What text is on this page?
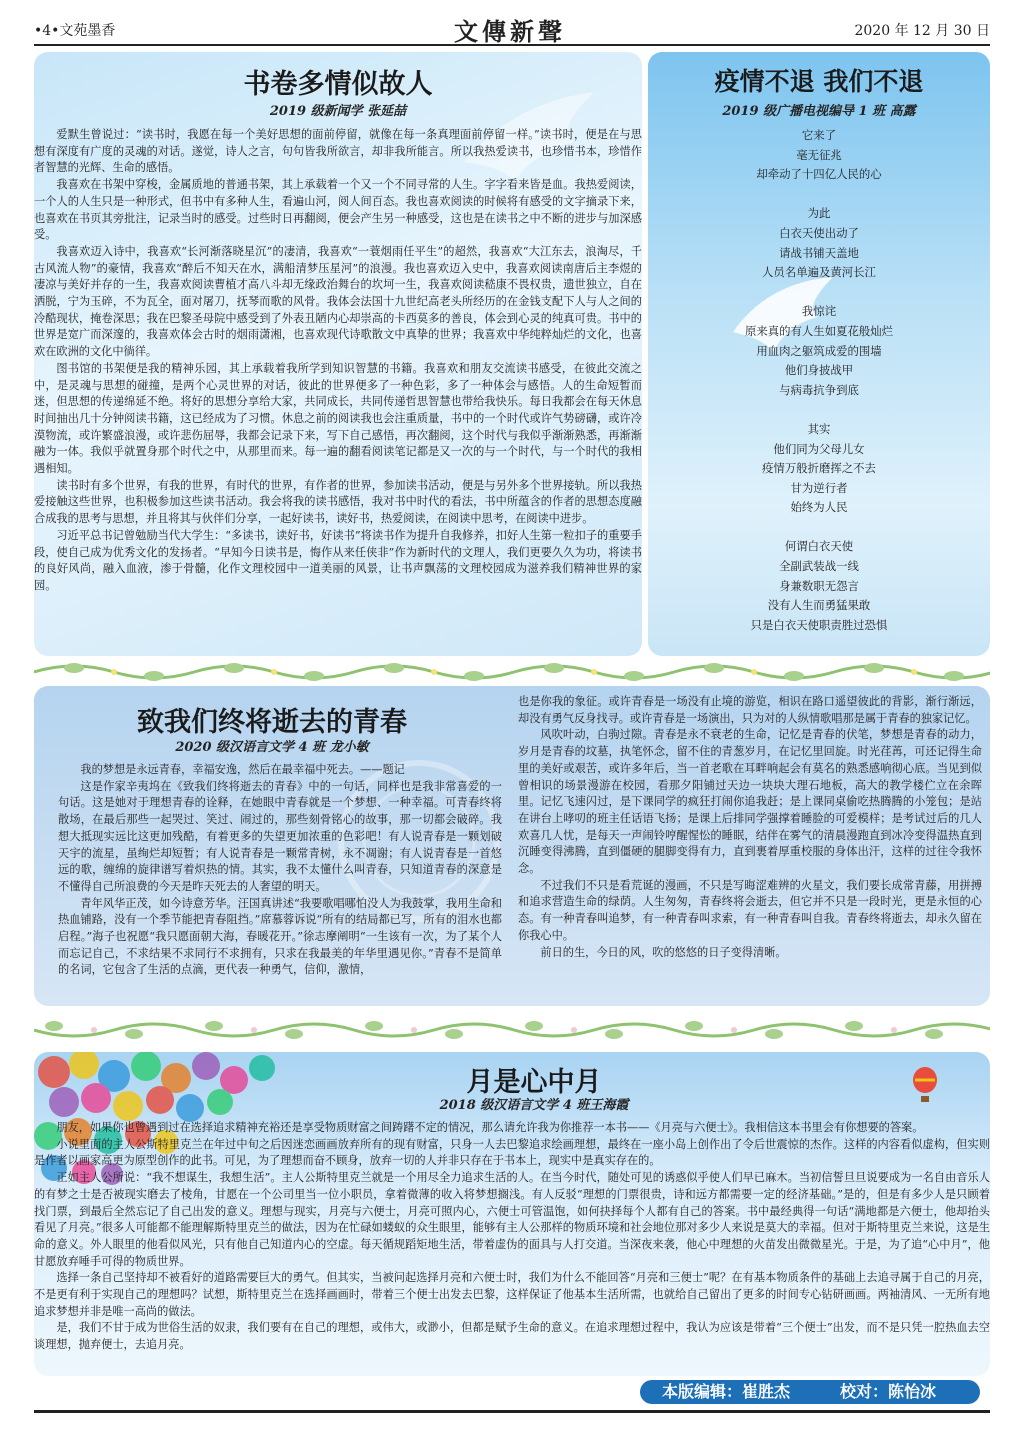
•4•文苑墨香	文傳新聲	2020 年 12 月 30 日
书卷多情似故人
2019 级新闻学 张延喆

爱默生曾说过：“读书时，我愿在每一个美好思想的面前停留，就像在每一条真理面前停留一样。”读书时，便是在与思想有深度有广度的灵魂的对话。遂觉，诗人之言，句句皆我所欲言，却非我所能言。所以我热爱读书，也珍惜书本，珍惜作者智慧的光辉、生命的感悟。

我喜欢在书架中穿梭，金属质地的普通书架，其上承载着一个又一个不同寻常的人生。字字看来皆是血。我热爱阅读，一个人的人生只是一种形式，但书中有多种人生，看遍山河，阅人间百态。我也喜欢阅读的时候将有感受的文字摘录下来，也喜欢在书页其旁批注，记录当时的感受。过些时日再翻阅，便会产生另一种感受，这也是在读书之中不断的进步与加深感受。

我喜欢迈入诗中，我喜欢“长河渐落晓星沉”的凄清，我喜欢“一蓑烟雨任平生”的超然，我喜欢“大江东去，浪淘尽，千古风流人物”的豪情，我喜欢“醉后不知天在水，满船清梦压星河”的浪漫。我也喜欢迈入史中，我喜欢阅读南唐后主李煜的凄凉与美好并存的一生，我喜欢阅读曹植才高八斗却无缘政治舞台的坎坷一生，我喜欢阅读嵇康不畏权贵，遗世独立，自在洒脱，宁为玉碎，不为瓦全，面对屠刀，抚琴而歌的风骨。我体会法国十九世纪高老头所经历的在金钱支配下人与人之间的冷酷现状，掩卷深思；我在巴黎圣母院中感受到了外表丑陋内心却崇高的卡西莫多的善良，体会到心灵的纯真可贵。书中的世界是宽广而深邃的，我喜欢体会古时的烟雨潇湘，也喜欢现代诗歌散文中真挚的世界；我喜欢中华纯粹灿烂的文化，也喜欢在欧洲的文化中徜徉。

图书馆的书架便是我的精神乐园，其上承载着我所学到知识智慧的书籍。我喜欢和朋友交流读书感受，在彼此交流之中，是灵魂与思想的碰撞，是两个心灵世界的对话，彼此的世界便多了一种色彩，多了一种体会与感悟。人的生命短暂而迷，但思想的传递绵延不绝。将好的思想分享给大家，共同成长，共同传递哲思智慧也带给我快乐。每日我都会在每天休息时间抽出几十分钟阅读书籍，这已经成为了习惯。休息之前的阅读我也会注重质量，书中的一个时代或许气势磅礴，或许冷漠物流，或许繁盛浪漫，或许悲伤屈辱，我都会记录下来，写下自己感悟，再次翻阅，这个时代与我似乎渐渐熟悉，再渐渐融为一体。我似乎就置身那个时代之中，从那里而来。每一遍的翻看阅读笔记都是又一次的与一个时代，与一个时代的我相遇相知。

读书时有多个世界，有我的世界，有时代的世界，有作者的世界，参加读书活动，便是与另外多个世界接轨。所以我热爱接触这些世界，也积极参加这些读书活动。我会将我的读书感悟，我对书中时代的看法，书中所蕴含的作者的思想态度融合成我的思考与思想，并且将其与伙伴们分享，一起好读书，读好书，热爱阅读，在阅读中思考，在阅读中进步。

习近平总书记曾勉励当代大学生：“多读书，读好书，好读书”将读书作为提升自我修养，扣好人生第一粒扣子的重要手段，使自己成为优秀文化的发扬者。“早知今日读书是，悔作从来任侠非”作为新时代的文理人，我们更要久久为功，将读书的良好风尚，融入血液，渗于骨髓，化作文理校园中一道美丽的风景，让书声飘荡的文理校园成为滋养我们精神世界的家园。

疫情不退 我们不退
2019 级广播电视编导 1 班 高露
它来了
毫无征兆
却牵动了十四亿人民的心
为此
白衣天使出动了
请战书铺天盖地
人员名单遍及黄河长江
我惊诧
原来真的有人生如夏花般灿烂
用血肉之躯筑成爱的围墙
他们身披战甲
与病毒抗争到底
其实
他们同为父母儿女
疫情万般折磨挥之不去
甘为逆行者
始终为人民
何谓白衣天使
全副武装战一线
身兼数职无怨言
没有人生而勇猛果敢
只是白衣天使职责胜过恐惧
致我们终将逝去的青春
2020 级汉语言文学 4 班 龙小敏

我的梦想是永远青春，幸福安逸，然后在最幸福中死去。——题记

这是作家辛夷坞在《致我们终将逝去的青春》中的一句话，同样也是我非常喜爱的一句话。这是她对于理想青春的诠释，在她眼中青春就是一个梦想、一种幸福。可青春终将散场，在最后那些一起哭过、笑过、闹过的，那些刻骨铭心的故事，那一切都会破碎。我想大抵现实远比这更加残酷，有着更多的失望更加浓重的色彩吧！有人说青春是一颗划破天宇的流星，虽绚烂却短暂；有人说青春是一颗常青树，永不凋谢；有人说青春是一首悠远的歌，缠绵的旋律谱写着炽热的情。其实，我不太懂什么叫青春，只知道青春的深意是不懂得自己所浪费的今天是昨天死去的人奢望的明天。

青年风华正茂，如今诗意芳华。汪国真讲述“我要歌唱哪怕没人为我鼓掌，我用生命和热血铺路，没有一个季节能把青春阻挡。”席慕蓉诉说“所有的结局都已写，所有的泪水也都启程。”海子也祝愿“我只愿面朝大海，春暖花开。”徐志摩阐明“一生该有一次，为了某个人而忘记自己，不求结果不求同行不求拥有，只求在我最美的年华里遇见你。”青春不是简单的名词，它包含了生活的点滴，更代表一种勇气，信仰，激情，

也是你我的象征。或许青春是一场没有止境的游览，相识在路口遥望彼此的背影，渐行渐远，却没有勇气反身找寻。或许青春是一场演出，只为对的人纵情歌唱那是属于青春的独家记忆。

风吹叶动，白驹过隙。青春是永不衰老的生命，记忆是青春的伏笔，梦想是青春的动力，岁月是青春的坟墓，执笔怀念，留不住的青葱岁月，在记忆里回旋。时光荏苒，可还记得生命里的美好或艰苦，或许多年后，当一首老歌在耳畔响起会有莫名的熟悉感响彻心底。当见到似曾相识的场景漫游在校园，看那夕阳铺过天边一块块大理石地板，高大的教学楼伫立在余晖里。记忆飞速闪过，是下课同学的疯狂打闹你追我赶；是上课同桌偷吃热腾腾的小笼包；是站在讲台上哮叨的班主任话语飞扬；是课上后排同学强撑着睡脸的可爱模样；是考试过后的几人欢喜几人忧，是每天一声闹铃哼醒惺忪的睡眠，结伴在雾气的清晨漫跑直到冰冷变得温热直到沉睡变得沸腾，直到僵硬的腿脚变得有力，直到裹着厚重校服的身体出汗，这样的过往令我怀念。

不过我们不只是看荒诞的漫画，不只是写晦涩难辨的火星文，我们要长成常青藤，用拼搏和追求营造生命的绿荫。人生匆匆，青春终将会逝去，但它并不只是一段时光，更是永恒的心态。有一种青春叫追梦，有一种青春叫求索，有一种青春叫自我。青春终将逝去，却永久留在你我心中。

前日的生，今日的风，吹的悠悠的日子变得清晰。

月是心中月
2018 级汉语言文学 4 班王海霞

朋友，如果你也曾遇到过在选择追求精神充裕还是享受物质财富之间踌躇不定的情况，那么请允许我为你推荐一本书——《月亮与六便士》。我相信这本书里会有你想要的答案。

小说里面的主人公斯特里克兰在年过中旬之后因迷恋画画放弃所有的现有财富，只身一人去巴黎追求绘画理想，最终在一座小岛上创作出了令后世震惊的杰作。这样的内容看似虚构，但实则是作者以画家高更为原型创作的此书。可见，为了理想而奋不顾身，放弃一切的人并非只存在于书本上，现实中是真实存在的。

正如主人公所说：“我不想谋生，我想生活”。主人公斯特里克兰就是一个用尽全力追求生活的人。在当今时代，随处可见的诱惑似乎使人们早已麻木。当初信誓旦旦说要成为一名自由音乐人的有梦之士是否被现实磨去了棱角，甘愿在一个公司里当一位小职员，拿着微薄的收入将梦想搁浅。有人反驳“理想的门票很贵，诗和远方都需要一定的经济基础。”是的，但是有多少人是只顾着找门票，到最后全然忘记了自己出发的意义。理想与现实，月亮与六便士，月亮可照内心，六便士可管温饱，如何抉择每个人都有自己的答案。书中最经典得一句话“满地都是六便士，他却抬头看见了月亮。”很多人可能都不能理解斯特里克兰的做法，因为在忙碌如蝼蚁的众生眼里，能够有主人公那样的物质环境和社会地位那对多少人来说是莫大的幸福。但对于斯特里克兰来说，这是生命的意义。外人眼里的他看似风光，只有他自己知道内心的空虚。每天循规蹈矩地生活，带着虚伪的面具与人打交道。当深夜来袭，他心中理想的火苗发出微微星光。于是，为了追“心中月”，他甘愿放弃唾手可得的物质世界。

选择一条自己坚持却不被看好的道路需要巨大的勇气。但其实，当被问起选择月亮和六便士时，我们为什么不能回答“月亮和三便士”呢？在有基本物质条件的基础上去追寻属于自己的月亮，不是更有利于实现自己的理想吗？试想，斯特里克兰在选择画画时，带着三个便士出发去巴黎，这样保证了他基本生活所需，也就给自己留出了更多的时间专心钻研画画。两袖清风、一无所有地追求梦想并非是唯一高尚的做法。

是，我们不甘于成为世俗生活的奴隶，我们要有在自己的理想，或伟大，或渺小，但都是赋予生命的意义。在追求理想过程中，我认为应该是带着“三个便士”出发，而不是只凭一腔热血去空谈理想，抛弃便士，去追月亮。

本版编辑：崔胜杰	校对：陈怡冰
